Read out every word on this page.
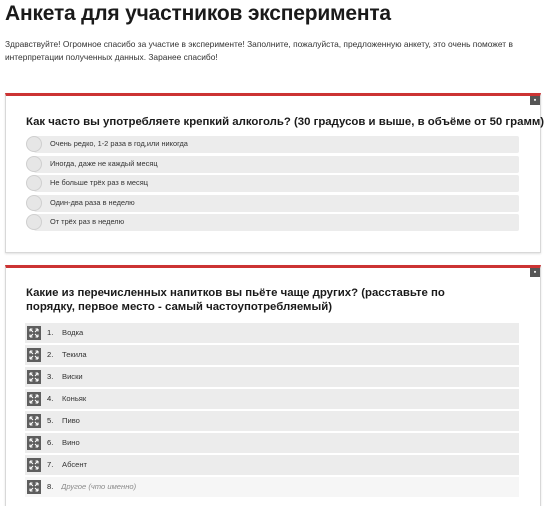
Анкета для участников эксперимента

Здравствуйте! Огромное спасибо за участие в эксперименте! Заполните, пожалуйста, предложенную анкету, это очень поможет в интерпретации полученных данных. Заранее спасибо!

▪
Как часто вы употребляете крепкий алкоголь? (30 градусов и выше, в объёме от 50 грамм)
Очень редко, 1-2 раза в год,или никогда
Иногда, даже не каждый месяц
Не больше трёх раз в месяц
Один-два раза в неделю
От трёх раз в неделю
▪
Какие из перечисленных напитков вы пьёте чаще других? (расставьте по порядку, первое место - самый частоупотребляемый)
1. Водка
2. Текила
3. Виски
4. Коньяк
5. Пиво
6. Вино
7. Абсент
8.
Другое (что именно)
